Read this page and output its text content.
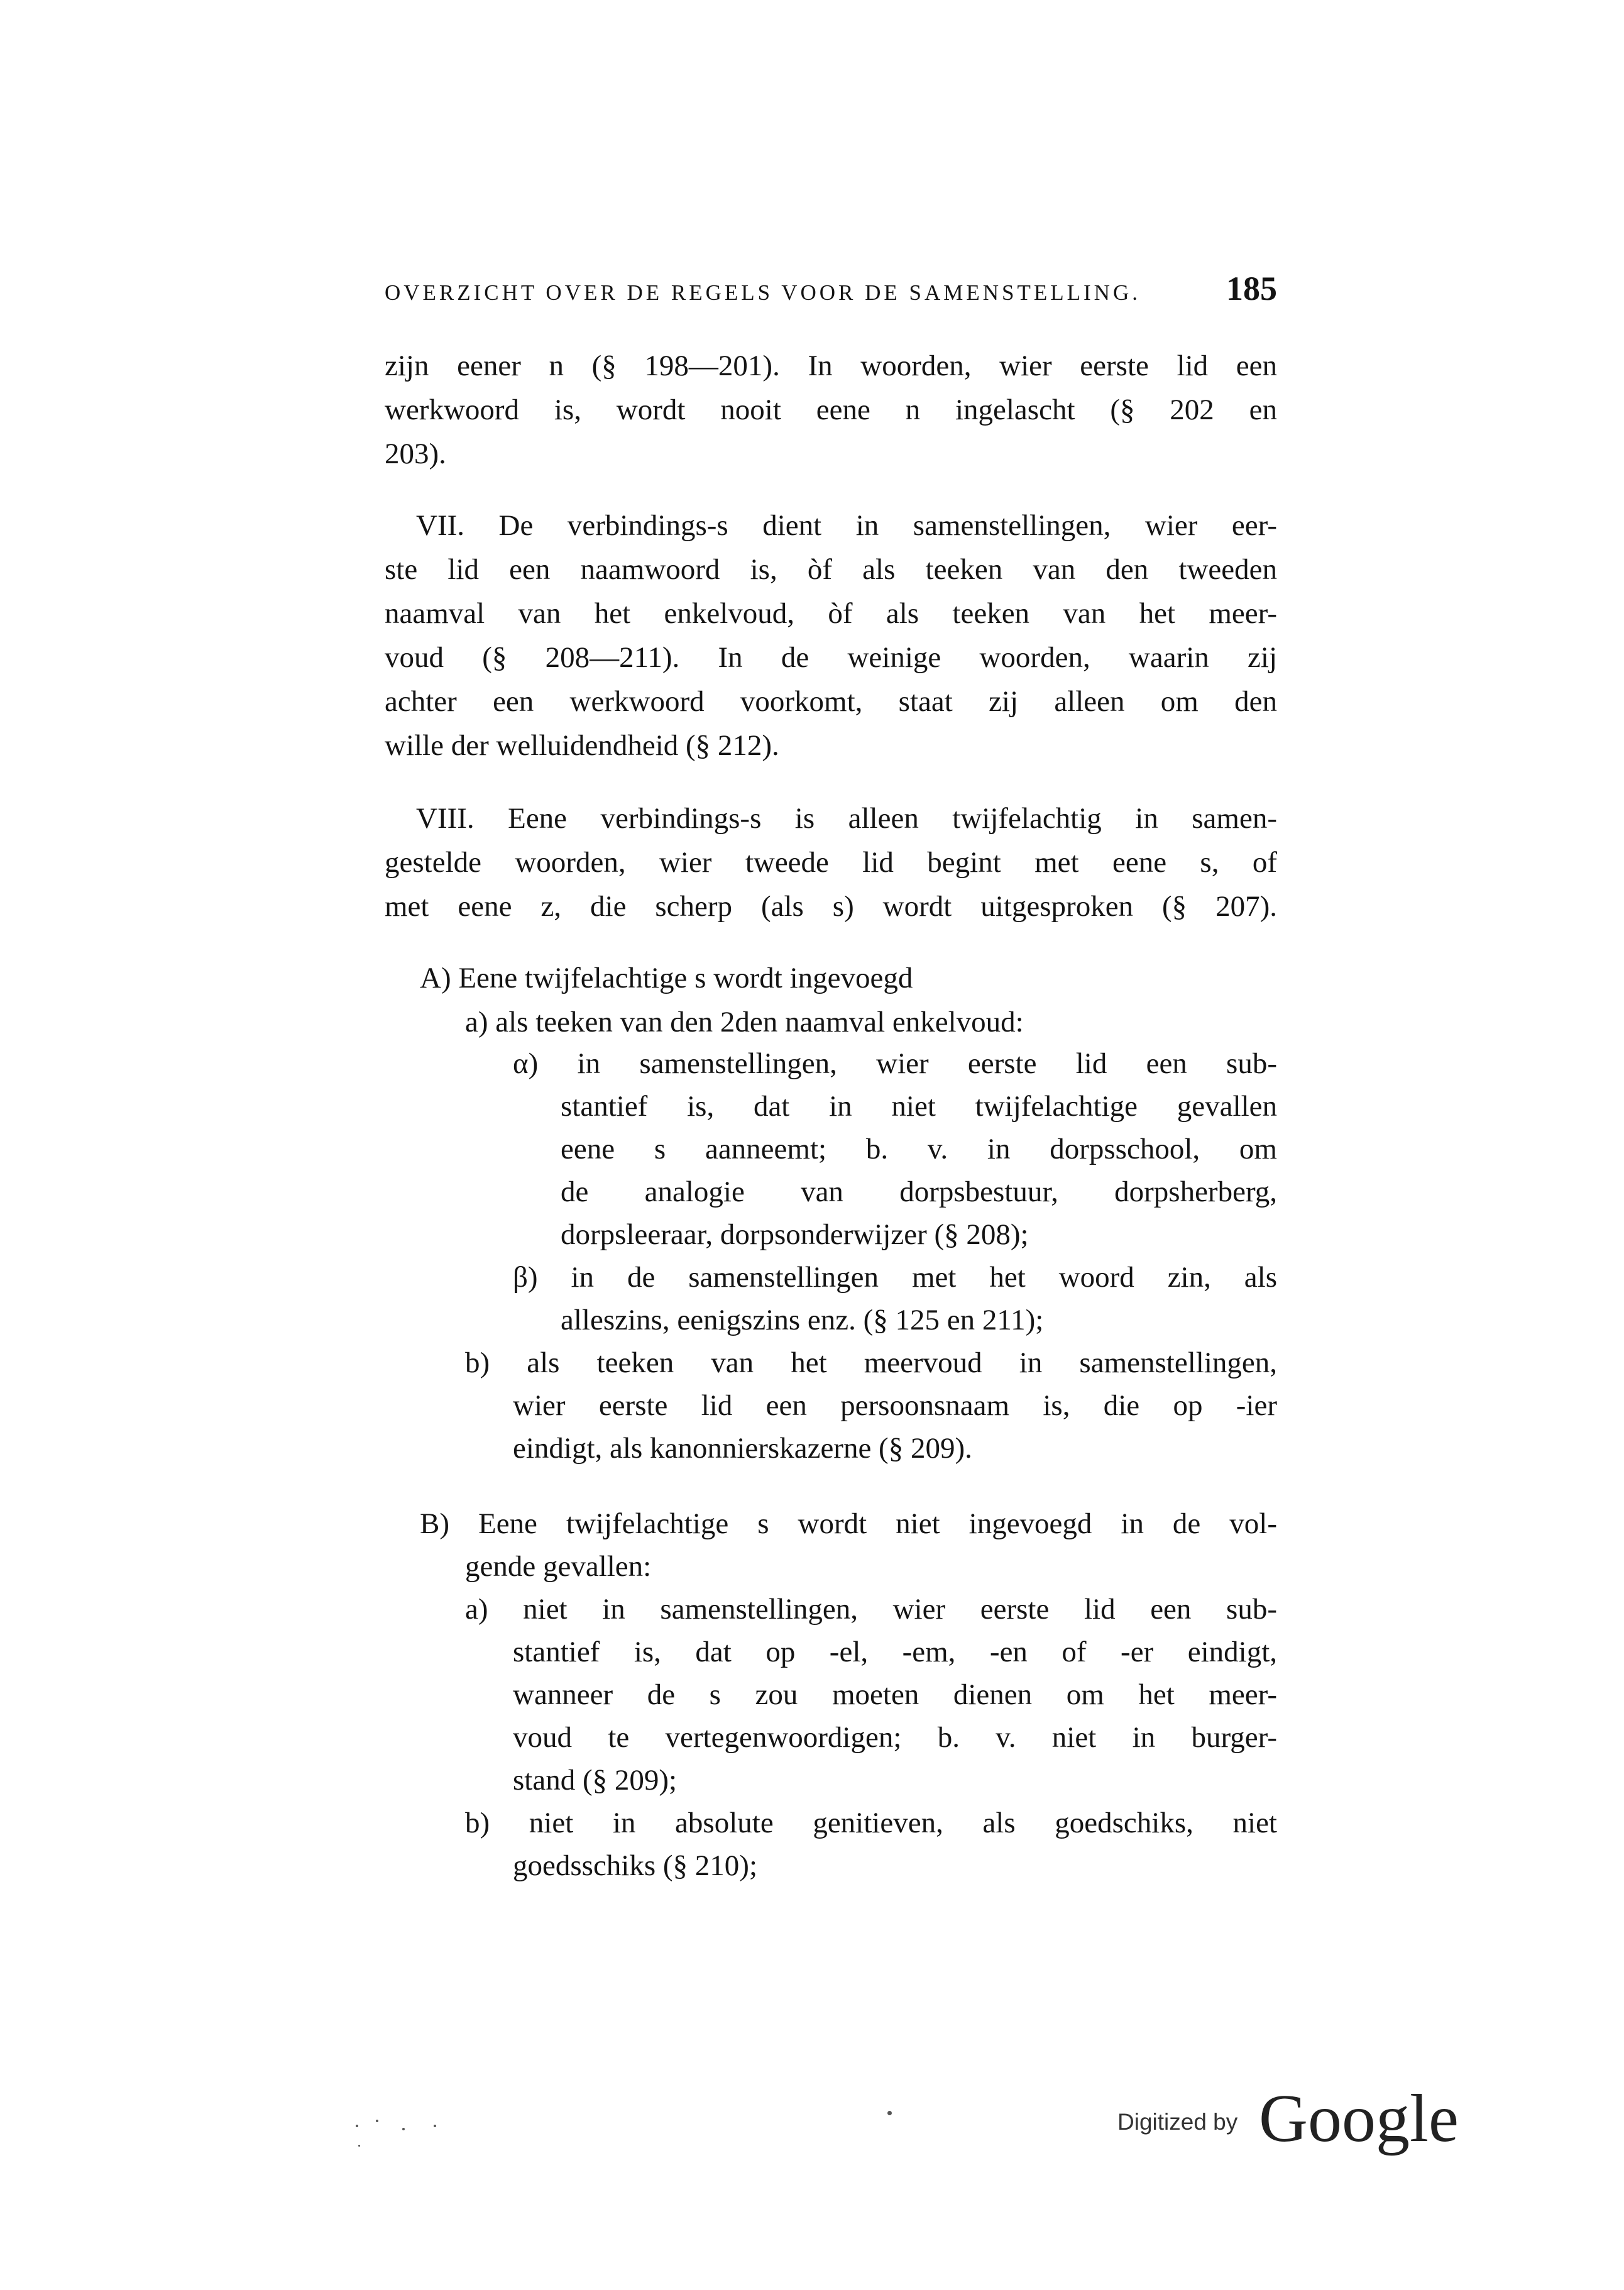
OVERZICHT OVER DE REGELS VOOR DE SAMENSTELLING.	185
zijn eener n (§ 198—201). In woorden, wier eerste lid een
werkwoord is, wordt nooit eene n ingelascht (§ 202 en
203).
VII. De verbindings-s dient in samenstellingen, wier eer-
ste lid een naamwoord is, òf als teeken van den tweeden
naamval van het enkelvoud, òf als teeken van het meer-
voud (§ 208—211). In de weinige woorden, waarin zij
achter een werkwoord voorkomt, staat zij alleen om den
wille der welluidendheid (§ 212).
VIII. Eene verbindings-s is alleen twijfelachtig in samen-
gestelde woorden, wier tweede lid begint met eene s, of
met eene z, die scherp (als s) wordt uitgesproken (§ 207).
A) Eene twijfelachtige s wordt ingevoegd
a) als teeken van den 2den naamval enkelvoud:
α) in samenstellingen, wier eerste lid een sub-
stantief is, dat in niet twijfelachtige gevallen
eene s aanneemt; b. v. in dorpsschool, om
de analogie van dorpsbestuur, dorpsherberg,
dorpsleeraar, dorpsonderwijzer (§ 208);
β) in de samenstellingen met het woord zin, als
alleszins, eenigszins enz. (§ 125 en 211);
b) als teeken van het meervoud in samenstellingen,
wier eerste lid een persoonsnaam is, die op -ier
eindigt, als kanonnierskazerne (§ 209).
B) Eene twijfelachtige s wordt niet ingevoegd in de vol-
gende gevallen:
a) niet in samenstellingen, wier eerste lid een sub-
stantief is, dat op -el, -em, -en of -er eindigt,
wanneer de s zou moeten dienen om het meer-
voud te vertegenwoordigen; b. v. niet in burger-
stand (§ 209);
b) niet in absolute genitieven, als goedschiks, niet
goedsschiks (§ 210);
Digitized by Google
